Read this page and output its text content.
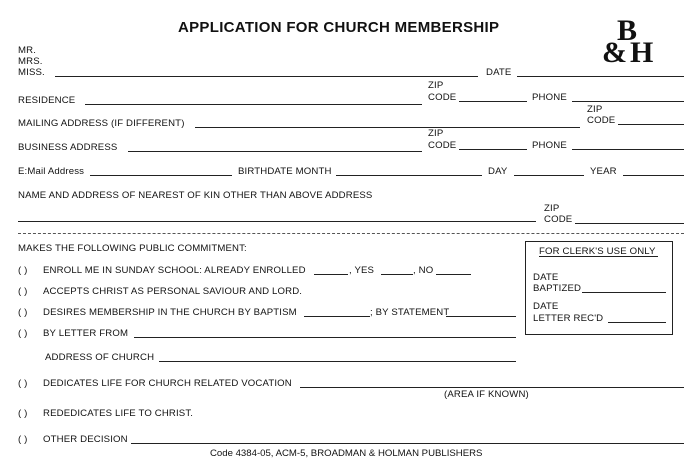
APPLICATION FOR CHURCH MEMBERSHIP	B
& H
MR.
MRS.
MISS.	DATE
RESIDENCE
ZIP
CODE	PHONE
MAILING ADDRESS (IF DIFFERENT)
ZIP
CODE
BUSINESS ADDRESS
ZIP
CODE	PHONE
E:Mail Address	BIRTHDATE MONTH	DAY	YEAR
NAME AND ADDRESS OF NEAREST OF KIN OTHER THAN ABOVE ADDRESS
ZIP
CODE
MAKES THE FOLLOWING PUBLIC COMMITMENT:
( ) ENROLL ME IN SUNDAY SCHOOL: ALREADY ENROLLED	, YES	, NO
( ) ACCEPTS CHRIST AS PERSONAL SAVIOUR AND LORD.
( ) DESIRES MEMBERSHIP IN THE CHURCH BY BAPTISM	; BY STATEMENT
( ) BY LETTER FROM
ADDRESS OF CHURCH
( ) DEDICATES LIFE FOR CHURCH RELATED VOCATION
(AREA IF KNOWN)
( ) REDEDICATES LIFE TO CHRIST.
( ) OTHER DECISION
FOR CLERK'S USE ONLY
DATE
BAPTIZED
DATE
LETTER REC'D
Code 4384-05, ACM-5, BROADMAN & HOLMAN PUBLISHERS
